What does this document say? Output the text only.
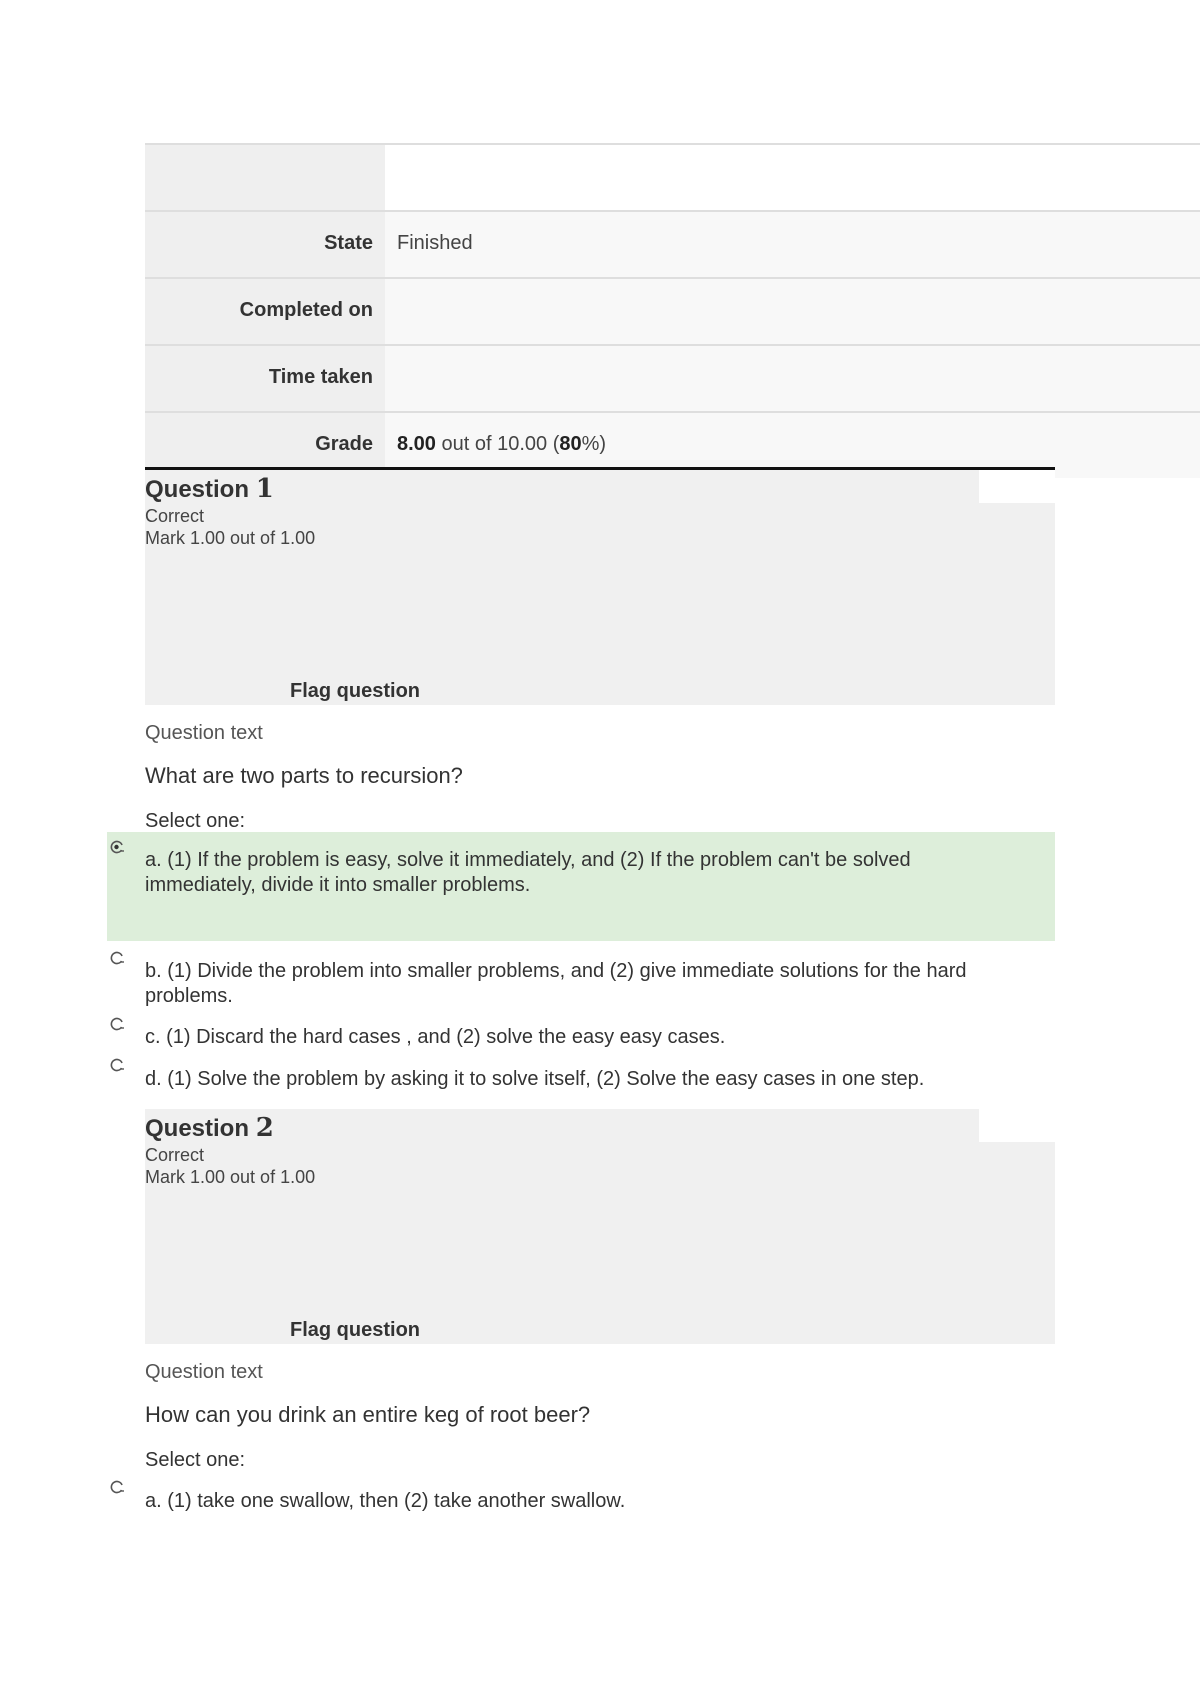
State	Finished
Completed on
Time taken
Grade	8.00 out of 10.00 (80%)
Question 1
Correct
Mark 1.00 out of 1.00
Flag question
Question text
What are two parts to recursion?
Select one:
a. (1) If the problem is easy, solve it immediately, and (2) If the problem can't be solved immediately, divide it into smaller problems.
b. (1) Divide the problem into smaller problems, and (2) give immediate solutions for the hard problems.
c. (1) Discard the hard cases , and (2) solve the easy easy cases.
d. (1) Solve the problem by asking it to solve itself, (2) Solve the easy cases in one step.
Question 2
Correct
Mark 1.00 out of 1.00
Flag question
Question text
How can you drink an entire keg of root beer?
Select one:
a. (1) take one swallow, then (2) take another swallow.
